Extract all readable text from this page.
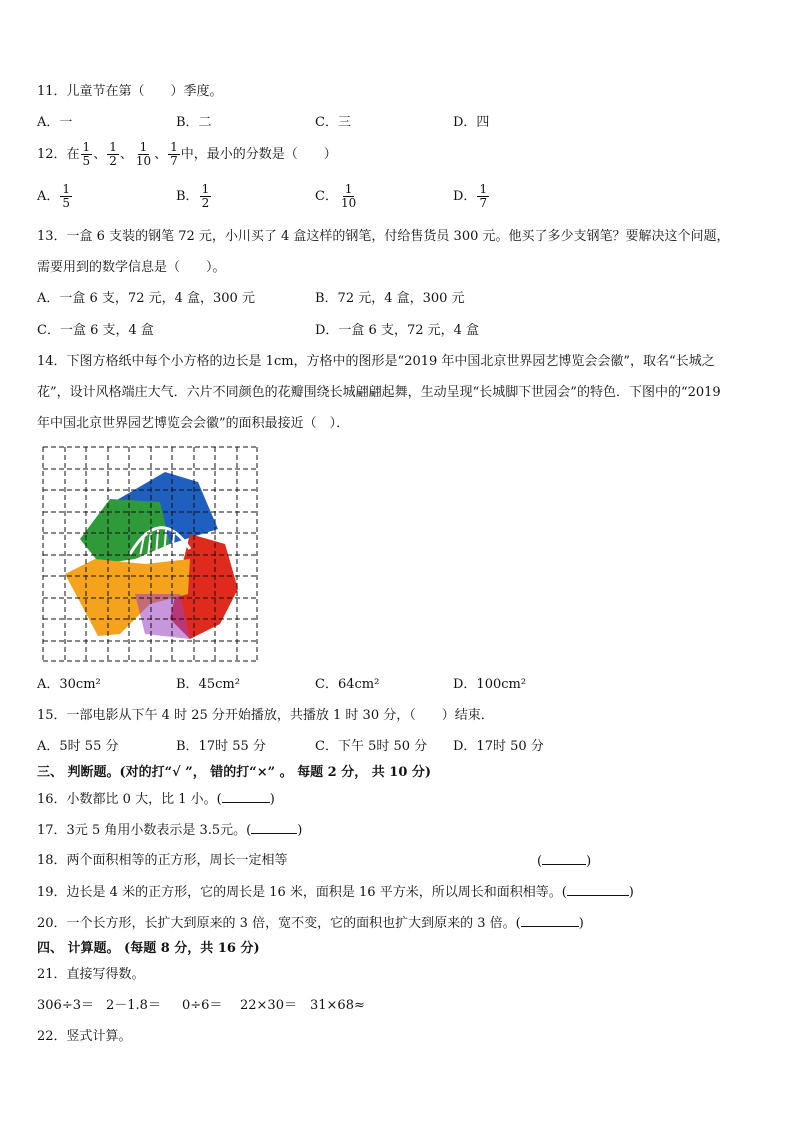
11．儿童节在第（　　）季度。
A．一	B．二	C．三	D．四
12．在 $\frac{1}{5}$ 、 $\frac{1}{2}$ 、 $\frac{1}{10}$ 、 $\frac{1}{7}$ 中，最小的分数是（　　）
A． $\frac{1}{5}$	B． $\frac{1}{2}$	C． $\frac{1}{10}$	D． $\frac{1}{7}$
13．一盒 6 支装的钢笔 72 元，小川买了 4 盒这样的钢笔，付给售货员 300 元。他买了多少支钢笔？要解决这个问题，
需要用到的数学信息是（　　）。
A．一盒 6 支，72 元，4 盒，300 元	B．72 元，4 盒，300 元
C．一盒 6 支，4 盒	D．一盒 6 支，72 元，4 盒
14．下图方格纸中每个小方格的边长是 1cm，方格中的图形是“2019 年中国北京世界园艺博览会会徽”，取名“长城之
花”，设计风格端庄大气．六片不同颜色的花瓣围绕长城翩翩起舞，生动呈现“长城脚下世园会”的特色．下图中的“2019
年中国北京世界园艺博览会会徽”的面积最接近（　）．
A．30cm²	B．45cm²	C．64cm²	D．100cm²
15．一部电影从下午 4 时 25 分开始播放，共播放 1 时 30 分，（　　）结束．
A．5时 55 分	B．17时 55 分	C．下午 5时 50 分 D．17时 50 分
三、 判断题。(对的打“√ ”， 错的打“×” 。 每题 2 分， 共 10 分)
16．小数都比 0 大，比 1 小。(	)
17．3元 5 角用小数表示是 3.5元。(	)
18．两个面积相等的正方形，周长一定相等	(	)
19．边长是 4 米的正方形，它的周长是 16 米，面积是 16 平方米，所以周长和面积相等。(	)
20．一个长方形，长扩大到原来的 3 倍，宽不变，它的面积也扩大到原来的 3 倍。(	)
四、 计算题。 (每题 8 分，共 16 分)
21．直接写得数。
306÷3＝ 2－1.8＝ 0÷6＝ 22×30＝ 31×68≈
22．竖式计算。
